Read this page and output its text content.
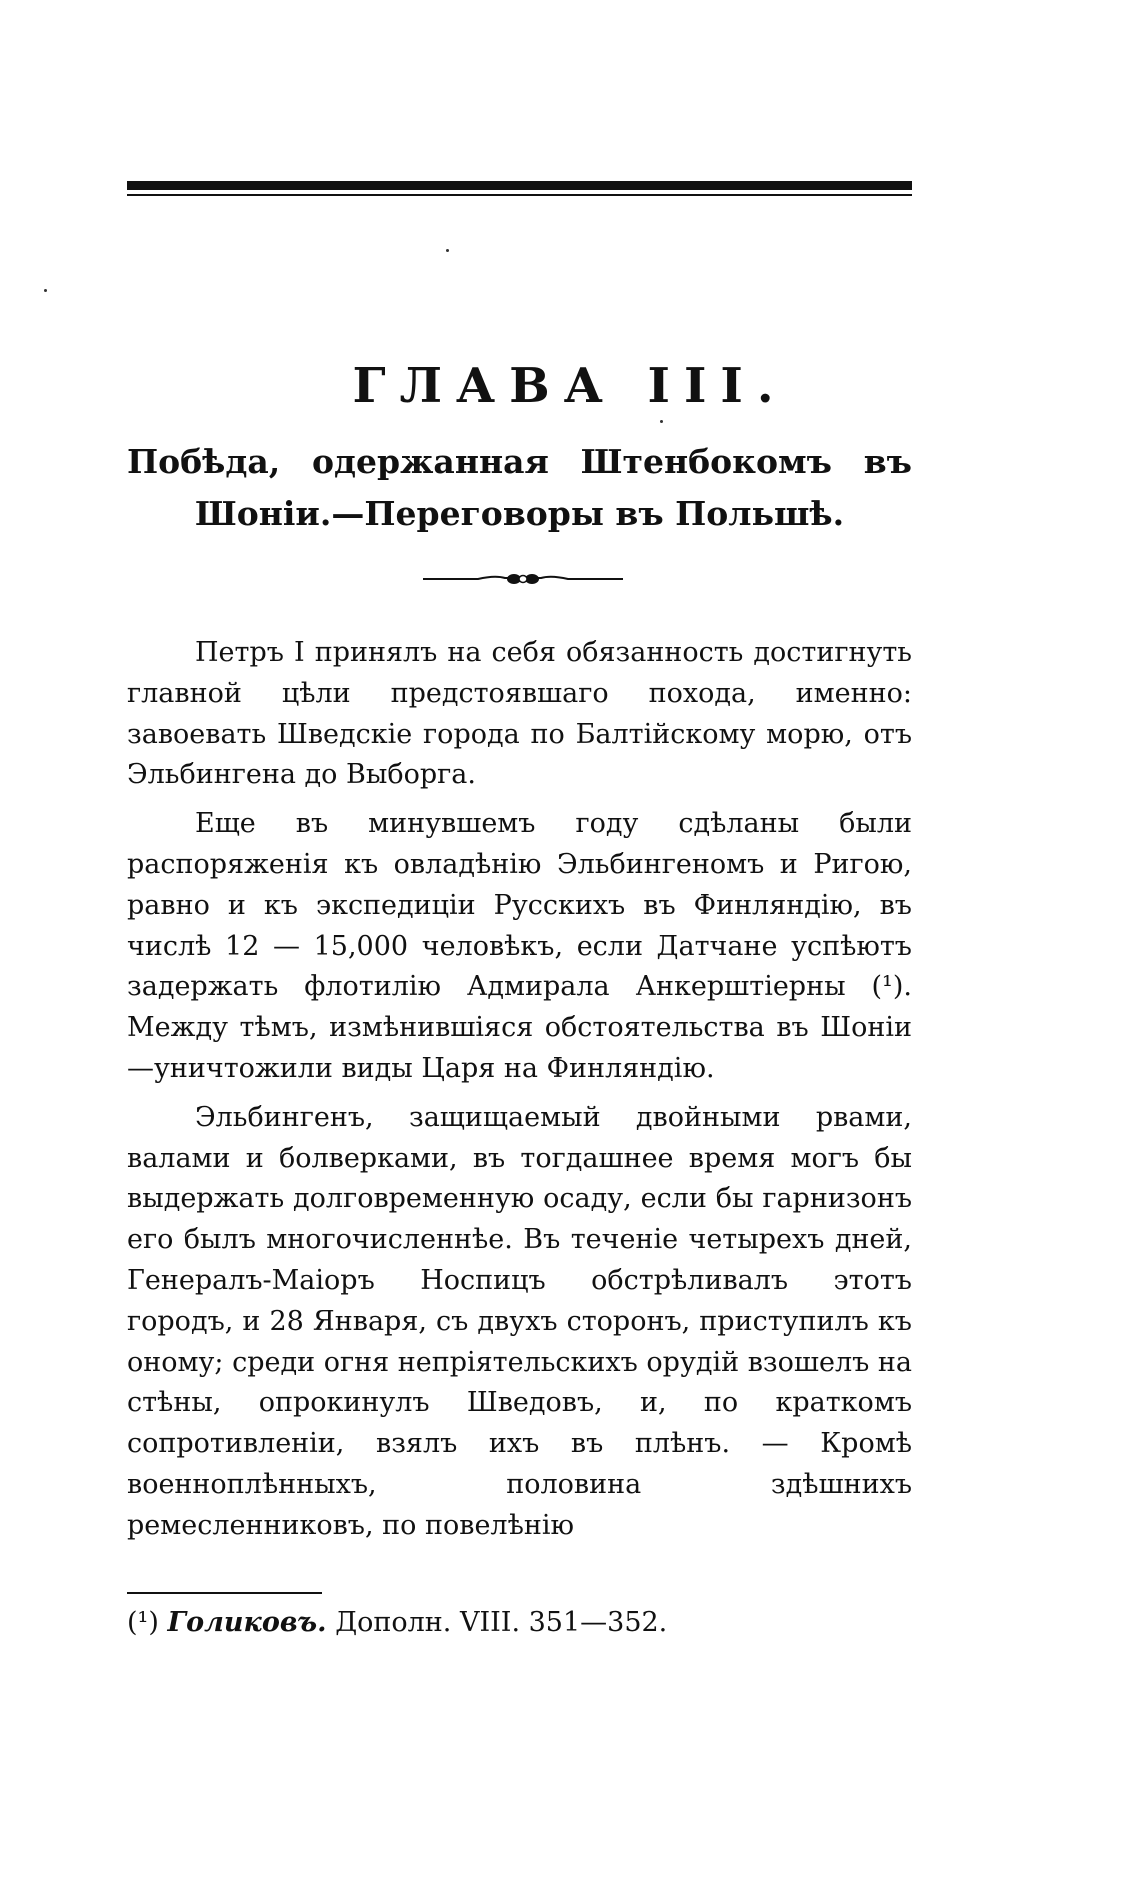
ГЛАВА III.
Побѣда, одержанная Штенбокомъ въ Шоніи.—Переговоры въ Польшѣ.

Петръ I принялъ на себя обязанность достигнуть главной цѣли предстоявшаго похода, именно: завоевать Шведскіе города по Балтійскому морю, отъ Эльбингена до Выборга.

Еще въ минувшемъ году сдѣланы были распоряженія къ овладѣнію Эльбингеномъ и Ригою, равно и къ экспедиціи Русскихъ въ Финляндію, въ числѣ 12 — 15,000 человѣкъ, если Датчане успѣютъ задержать флотилію Адмирала Анкерштіерны (¹). Между тѣмъ, измѣнившіяся обстоятельства въ Шоніи—уничтожили виды Царя на Финляндію.

Эльбингенъ, защищаемый двойными рвами, валами и болверками, въ тогдашнее время могъ бы выдержать долговременную осаду, если бы гарнизонъ его былъ многочисленнѣе. Въ теченіе четырехъ дней, Генералъ-Маіоръ Носпицъ обстрѣливалъ этотъ городъ, и 28 Января, съ двухъ сторонъ, приступилъ къ оному; среди огня непріятельскихъ орудій взошелъ на стѣны, опрокинулъ Шведовъ, и, по краткомъ сопротивленіи, взялъ ихъ въ плѣнъ. — Кромѣ военноплѣнныхъ, половина здѣшнихъ ремесленниковъ, по повелѣнію

(¹) Голиковъ. Дополн. VIII. 351—352.
